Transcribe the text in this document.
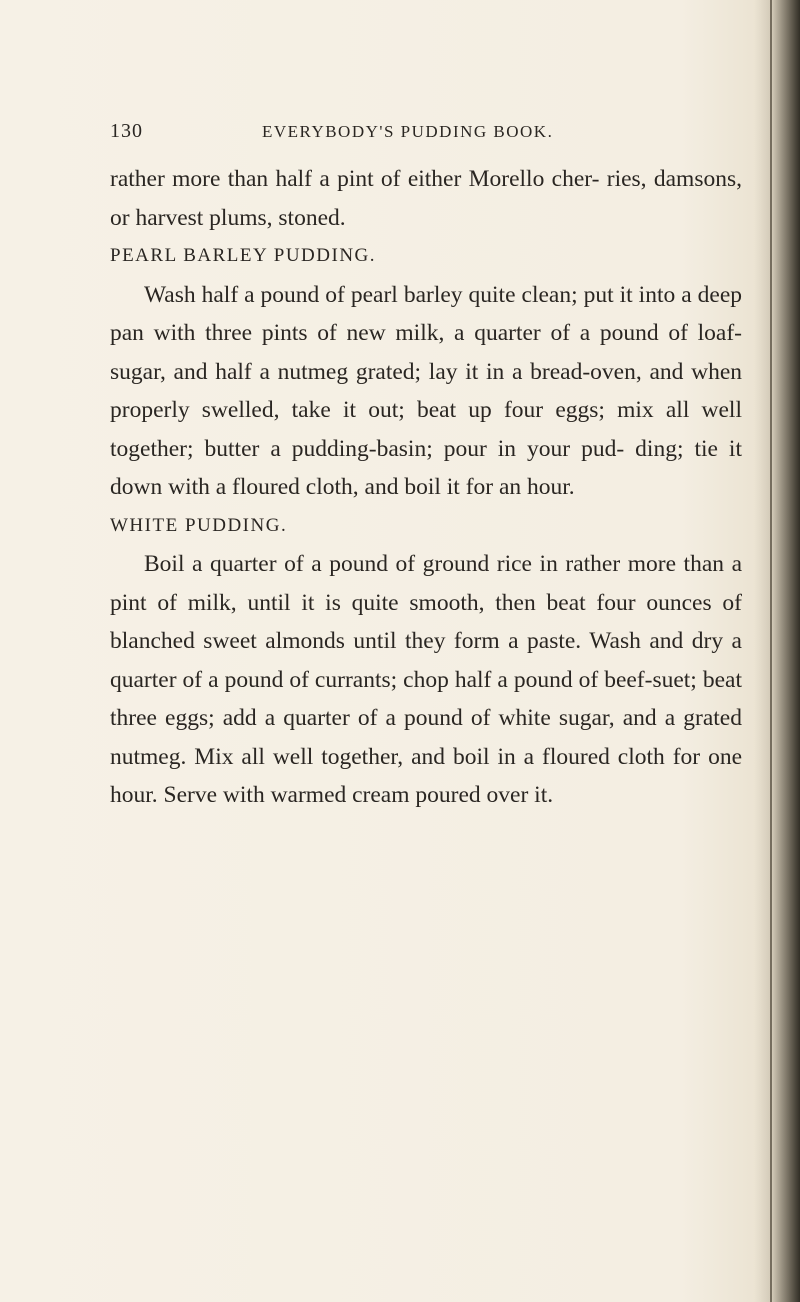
130	EVERYBODY'S PUDDING BOOK.

rather more than half a pint of either Morello cher- ries, damsons, or harvest plums, stoned.

PEARL BARLEY PUDDING.

Wash half a pound of pearl barley quite clean; put it into a deep pan with three pints of new milk, a quarter of a pound of loaf-sugar, and half a nutmeg grated; lay it in a bread-oven, and when properly swelled, take it out; beat up four eggs; mix all well together; butter a pudding-basin; pour in your pud- ding; tie it down with a floured cloth, and boil it for an hour.

WHITE PUDDING.

Boil a quarter of a pound of ground rice in rather more than a pint of milk, until it is quite smooth, then beat four ounces of blanched sweet almonds until they form a paste. Wash and dry a quarter of a pound of currants; chop half a pound of beef-suet; beat three eggs; add a quarter of a pound of white sugar, and a grated nutmeg. Mix all well together, and boil in a floured cloth for one hour. Serve with warmed cream poured over it.
